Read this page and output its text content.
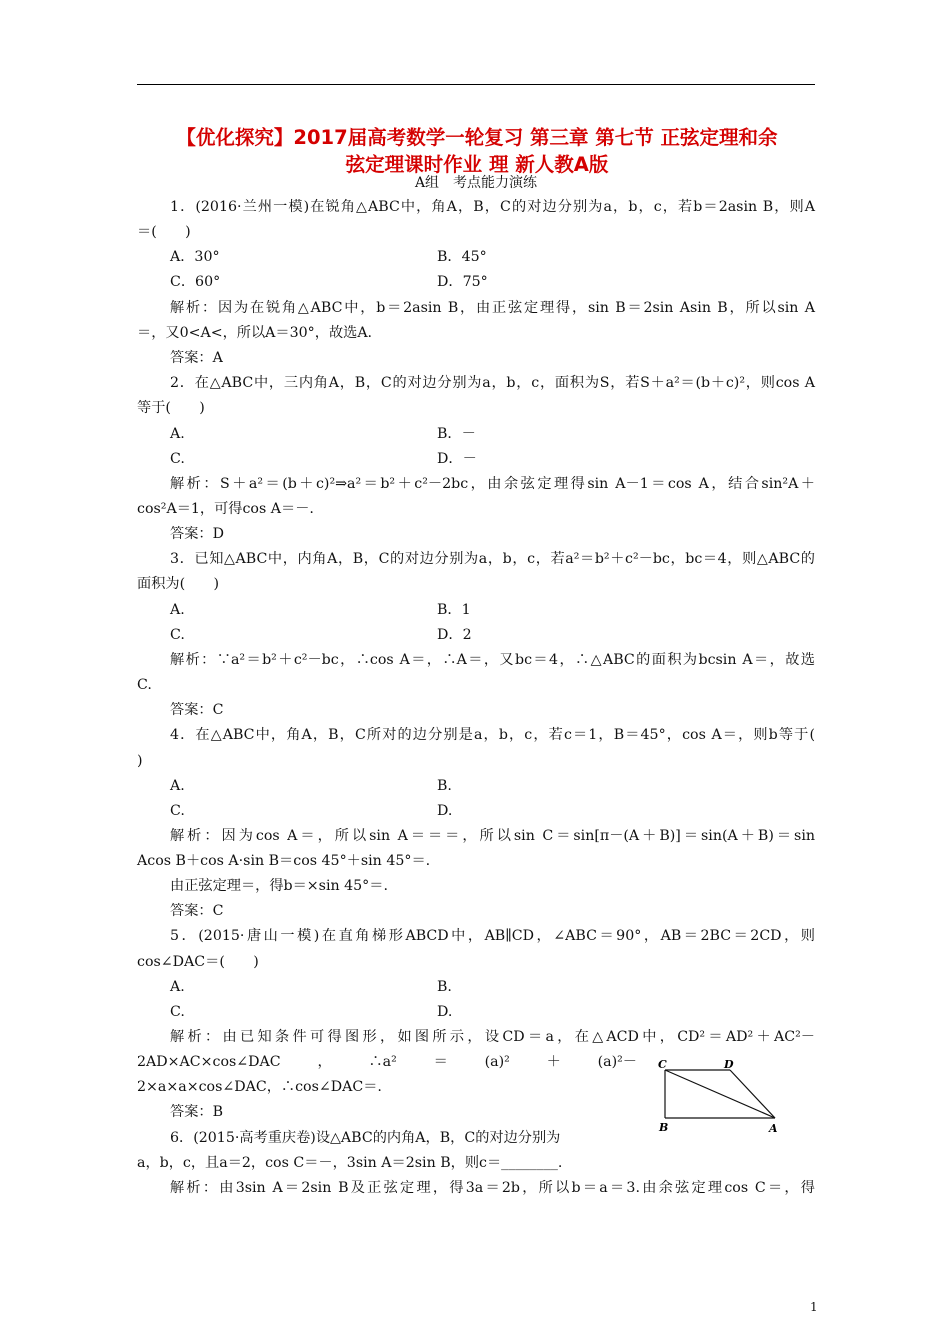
【优化探究】2017届高考数学一轮复习 第三章 第七节 正弦定理和余
弦定理课时作业 理 新人教A版
A组　考点能力演练
1．(2016·兰州一模)在锐角△ABC中，角A，B，C的对边分别为a，b，c，若b＝2asin B，则A
＝(　　)
A．30°	B．45°
C．60°	D．75°
解析：因为在锐角△ABC中，b＝2asin B，由正弦定理得，sin B＝2sin Asin B，所以sin A
＝，又0<A<，所以A＝30°，故选A.
答案：A
2．在△ABC中，三内角A，B，C的对边分别为a，b，c，面积为S，若S＋a²＝(b＋c)²，则cos A
等于(　　)
A.	B．－
C.	D．－
解析：S＋a²＝(b＋c)²⇒a²＝b²＋c²－2bc，由余弦定理得sin A－1＝cos A，结合sin²A＋
cos²A＝1，可得cos A＝－.
答案：D
3．已知△ABC中，内角A，B，C的对边分别为a，b，c，若a²＝b²＋c²－bc，bc＝4，则△ABC的
面积为(　　)
A.	B．1
C.	D．2
解析：∵a²＝b²＋c²－bc，∴cos A＝，∴A＝，又bc＝4，∴△ABC的面积为bcsin A＝，故选
C.
答案：C
4．在△ABC中，角A，B，C所对的边分别是a，b，c，若c＝1，B＝45°，cos A＝，则b等于(
)
A.	B.
C.	D.
解析：因为cos A＝，所以sin A＝＝＝，所以sin C＝sin[π－(A＋B)]＝sin(A＋B)＝sin
Acos B＋cos A·sin B＝cos 45°＋sin 45°＝.
由正弦定理＝，得b＝×sin 45°＝.
答案：C
5．(2015·唐山一模)在直角梯形ABCD中，AB∥CD，∠ABC＝90°，AB＝2BC＝2CD，则
cos∠DAC＝(　　)
A.	B.
C.	D.
解析：由已知条件可得图形，如图所示，设CD＝a，在△ACD中，CD²＝AD²＋AC²－
2AD×AC×cos∠DAC，∴a²＝(a)²＋(a)²－
2×a×a×cos∠DAC，∴cos∠DAC＝.
答案：B
C	D
B	A
6．(2015·高考重庆卷)设△ABC的内角A，B，C的对边分别为
a，b，c，且a＝2，cos C＝－，3sin A＝2sin B，则c＝________.
解析：由3sin A＝2sin B及正弦定理，得3a＝2b，所以b＝a＝3.由余弦定理cos C＝，得
1
